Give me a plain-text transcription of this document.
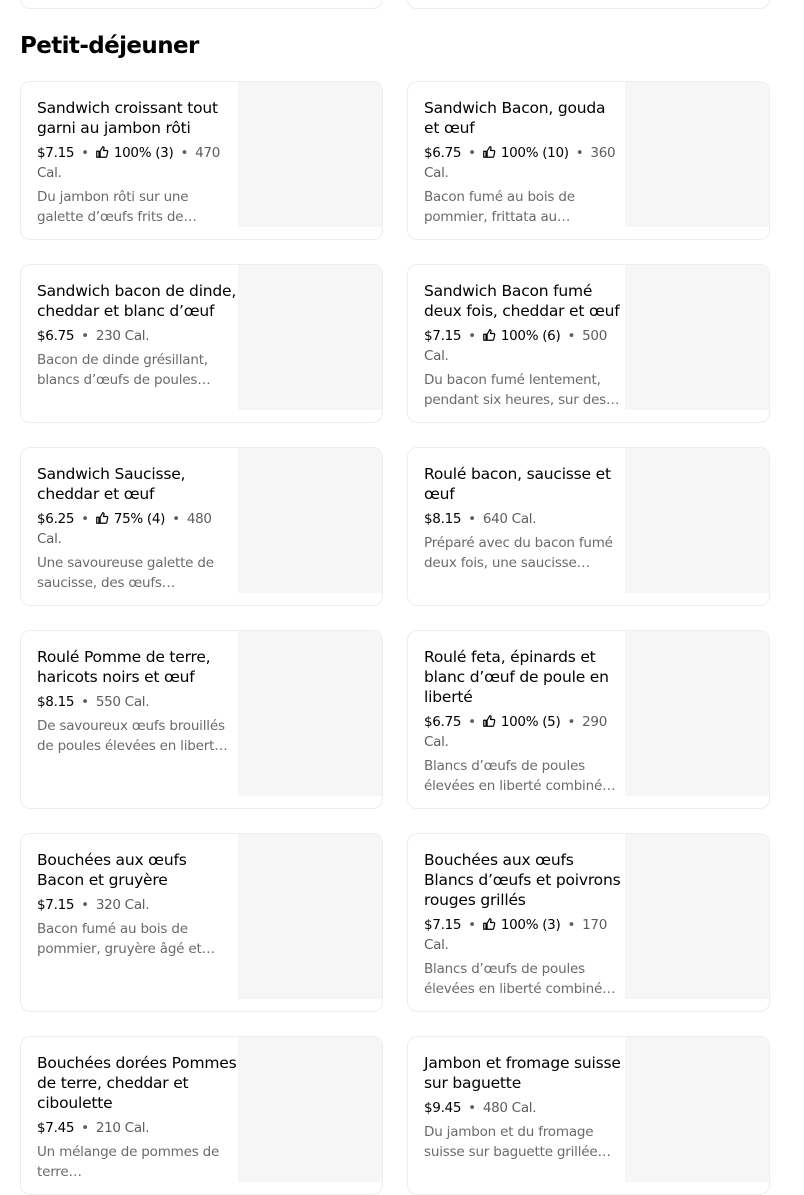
Petit-déjeuner
Sandwich croissant tout garni au jambon rôti
$7.15 • 100% (3) • 470 Cal.
Du jambon rôti sur une galette d’œufs frits de…
Sandwich Bacon, gouda et œuf
$6.75 • 100% (10) • 360 Cal.
Bacon fumé au bois de pommier, frittata au…
Sandwich bacon de dinde, cheddar et blanc d’œuf
$6.75 • 230 Cal.
Bacon de dinde grésillant, blancs d’œufs de poules…
Sandwich Bacon fumé deux fois, cheddar et œuf
$7.15 • 100% (6) • 500 Cal.
Du bacon fumé lentement, pendant six heures, sur des…
Sandwich Saucisse, cheddar et œuf
$6.25 • 75% (4) • 480 Cal.
Une savoureuse galette de saucisse, des œufs…
Roulé bacon, saucisse et œuf
$8.15 • 640 Cal.
Préparé avec du bacon fumé deux fois, une saucisse…
Roulé Pomme de terre, haricots noirs et œuf
$8.15 • 550 Cal.
De savoureux œufs brouillés de poules élevées en libert…
Roulé feta, épinards et blanc d’œuf de poule en liberté
$6.75 • 100% (5) • 290 Cal.
Blancs d’œufs de poules élevées en liberté combiné…
Bouchées aux œufs Bacon et gruyère
$7.15 • 320 Cal.
Bacon fumé au bois de pommier, gruyère âgé et…
Bouchées aux œufs Blancs d’œufs et poivrons rouges grillés
$7.15 • 100% (3) • 170 Cal.
Blancs d’œufs de poules élevées en liberté combiné…
Bouchées dorées Pommes de terre, cheddar et ciboulette
$7.45 • 210 Cal.
Un mélange de pommes de terre…
Jambon et fromage suisse sur baguette
$9.45 • 480 Cal.
Du jambon et du fromage suisse sur baguette grillée…
